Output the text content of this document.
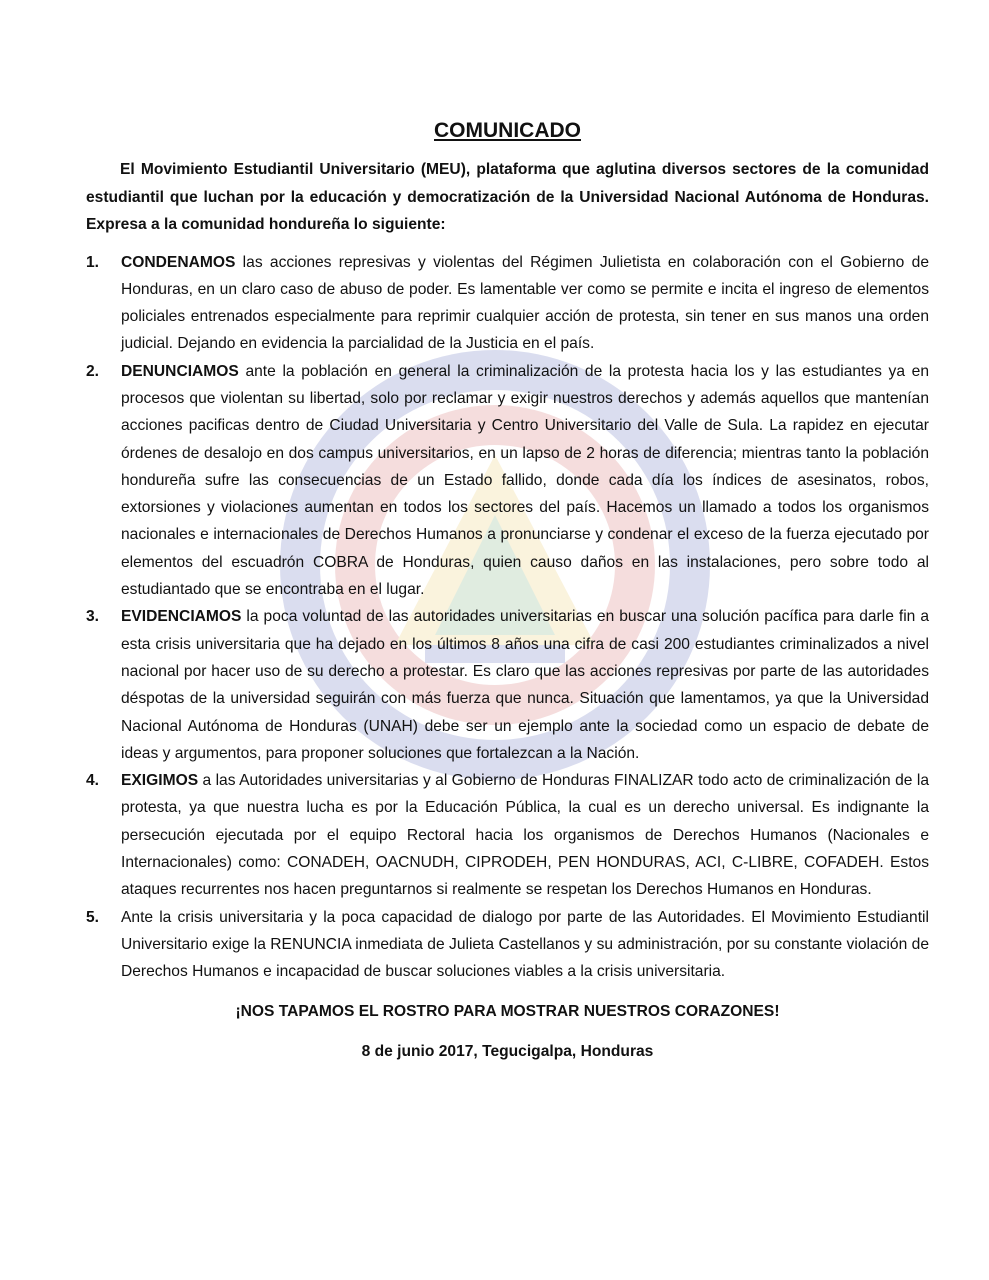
COMUNICADO

El Movimiento Estudiantil Universitario (MEU), plataforma que aglutina diversos sectores de la comunidad estudiantil que luchan por la educación y democratización de la Universidad Nacional Autónoma de Honduras. Expresa a la comunidad hondureña lo siguiente:

1. CONDENAMOS las acciones represivas y violentas del Régimen Julietista en colaboración con el Gobierno de Honduras, en un claro caso de abuso de poder. Es lamentable ver como se permite e incita el ingreso de elementos policiales entrenados especialmente para reprimir cualquier acción de protesta, sin tener en sus manos una orden judicial. Dejando en evidencia la parcialidad de la Justicia en el país.
2. DENUNCIAMOS ante la población en general la criminalización de la protesta hacia los y las estudiantes ya en procesos que violentan su libertad, solo por reclamar y exigir nuestros derechos y además aquellos que mantenían acciones pacificas dentro de Ciudad Universitaria y Centro Universitario del Valle de Sula. La rapidez en ejecutar órdenes de desalojo en dos campus universitarios, en un lapso de 2 horas de diferencia; mientras tanto la población hondureña sufre las consecuencias de un Estado fallido, donde cada día los índices de asesinatos, robos, extorsiones y violaciones aumentan en todos los sectores del país. Hacemos un llamado a todos los organismos nacionales e internacionales de Derechos Humanos a pronunciarse y condenar el exceso de la fuerza ejecutado por elementos del escuadrón COBRA de Honduras, quien causo daños en las instalaciones, pero sobre todo al estudiantado que se encontraba en el lugar.
3. EVIDENCIAMOS la poca voluntad de las autoridades universitarias en buscar una solución pacífica para darle fin a esta crisis universitaria que ha dejado en los últimos 8 años una cifra de casi 200 estudiantes criminalizados a nivel nacional por hacer uso de su derecho a protestar. Es claro que las acciones represivas por parte de las autoridades déspotas de la universidad seguirán con más fuerza que nunca. Situación que lamentamos, ya que la Universidad Nacional Autónoma de Honduras (UNAH) debe ser un ejemplo ante la sociedad como un espacio de debate de ideas y argumentos, para proponer soluciones que fortalezcan a la Nación.
4. EXIGIMOS a las Autoridades universitarias y al Gobierno de Honduras FINALIZAR todo acto de criminalización de la protesta, ya que nuestra lucha es por la Educación Pública, la cual es un derecho universal. Es indignante la persecución ejecutada por el equipo Rectoral hacia los organismos de Derechos Humanos (Nacionales e Internacionales) como: CONADEH, OACNUDH, CIPRODEH, PEN HONDURAS, ACI, C-LIBRE, COFADEH. Estos ataques recurrentes nos hacen preguntarnos si realmente se respetan los Derechos Humanos en Honduras.
5. Ante la crisis universitaria y la poca capacidad de dialogo por parte de las Autoridades. El Movimiento Estudiantil Universitario exige la RENUNCIA inmediata de Julieta Castellanos y su administración, por su constante violación de Derechos Humanos e incapacidad de buscar soluciones viables a la crisis universitaria.

¡NOS TAPAMOS EL ROSTRO PARA MOSTRAR NUESTROS CORAZONES!

8 de junio 2017, Tegucigalpa, Honduras
